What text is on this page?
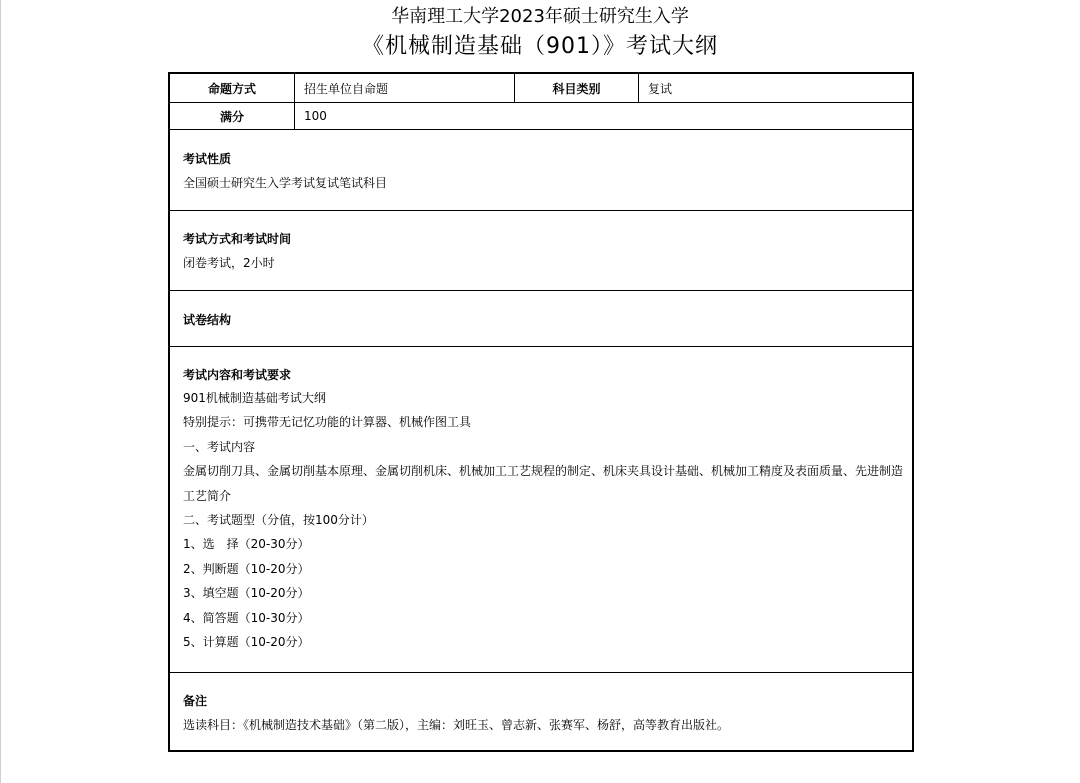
华南理工大学2023年硕士研究生入学
《机械制造基础（901）》考试大纲
命题方式	招生单位自命题	科目类别	复试
满分	100
考试性质
全国硕士研究生入学考试复试笔试科目
考试方式和考试时间
闭卷考试，2小时
试卷结构
考试内容和考试要求
901机械制造基础考试大纲
特别提示：可携带无记忆功能的计算器、机械作图工具
一、考试内容
金属切削刀具、金属切削基本原理、金属切削机床、机械加工工艺规程的制定、机床夹具设计基础、机械加工精度及表面质量、先进制造工艺简介
二、考试题型（分值，按100分计）
1、选　择（20-30分）
2、判断题（10-20分）
3、填空题（10-20分）
4、简答题（10-30分）
5、计算题（10-20分）
备注
选读科目：《机械制造技术基础》（第二版），主编：刘旺玉、曾志新、张赛军、杨舒，高等教育出版社。
